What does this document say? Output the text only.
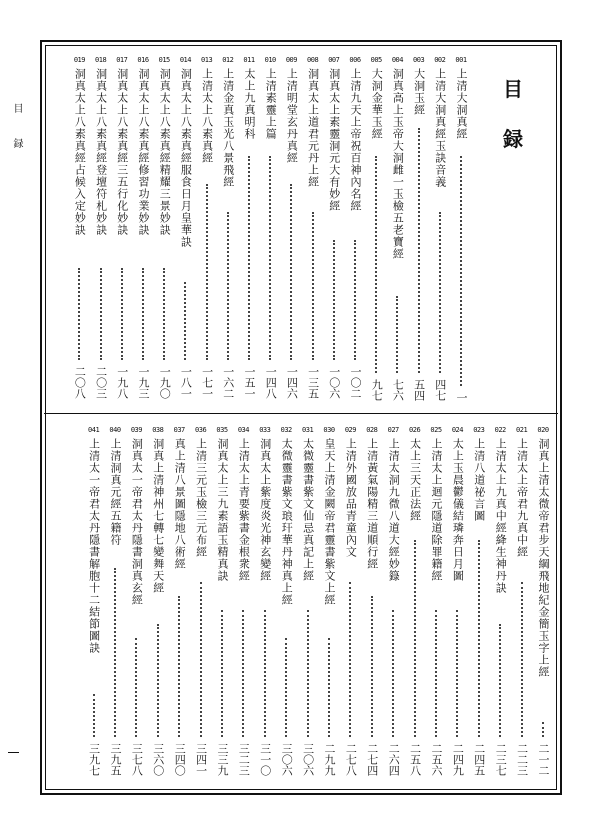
目
録
目
録
001
上清大洞真經
一
002
上清大洞真經玉訣音義
四七
003
大洞玉經
五四
004
洞真高上玉帝大洞雌一玉檢五老寶經
七六
005
大洞金華玉經
九七
006
上清九天上帝祝百神內名經
一〇二
007
洞真太上素靈洞元大有妙經
一〇六
008
洞真太上道君元丹上經
一三五
009
上清明堂玄丹真經
一四六
010
上清素靈上篇
一四八
011
太上九真明科
一五一
012
上清金真玉光八景飛經
一六二
013
上清太上八素真經
一七一
014
洞真太上八素真經服食日月皇華訣
一八一
015
洞真太上八素真經精耀三景妙訣
一九〇
016
洞真太上八素真經修習功業妙訣
一九三
017
洞真太上八素真經三五行化妙訣
一九八
018
洞真太上八素真經登壇符札妙訣
二〇三
019
洞真太上八素真經占候入定妙訣
二〇八
020
洞真上清太微帝君步天綱飛地紀金簡玉字上經
二一二
021
上清太上帝君九真中經
二二三
022
上清太上九真中經絳生神丹訣
二三七
023
上清八道祕言圖
二四五
024
太上玉晨鬱儀結璘奔日月圖
二四九
025
上清太上迴元隱道除罪籍經
二五六
026
太上三天正法經
二五八
027
上清太洞九微八道大經妙籙
二六四
028
上清黃氣陽精三道順行經
二七四
029
上清外國放品青童內文
二七八
030
皇天上清金闕帝君靈書紫文上經
二九九
031
太微靈書紫文仙忌真記上經
三〇六
032
太微靈書紫文琅玕華丹神真上經
三〇六
033
洞真太上紫度炎光神玄變經
三一〇
034
上清太上青要紫書金根衆經
三二三
035
洞真太上三九素語玉精真訣
三三九
036
上清三元玉檢三元布經
三四一
037
真上清八景圖隱地八術經
三四〇
038
洞真上清神州七轉七變舞天經
三六〇
039
洞真太一帝君太丹隱書洞真玄經
三七八
040
上清洞真元經五籍符
三九五
041
上清太一帝君太丹隱書解胞十二結節圖訣
三九七
